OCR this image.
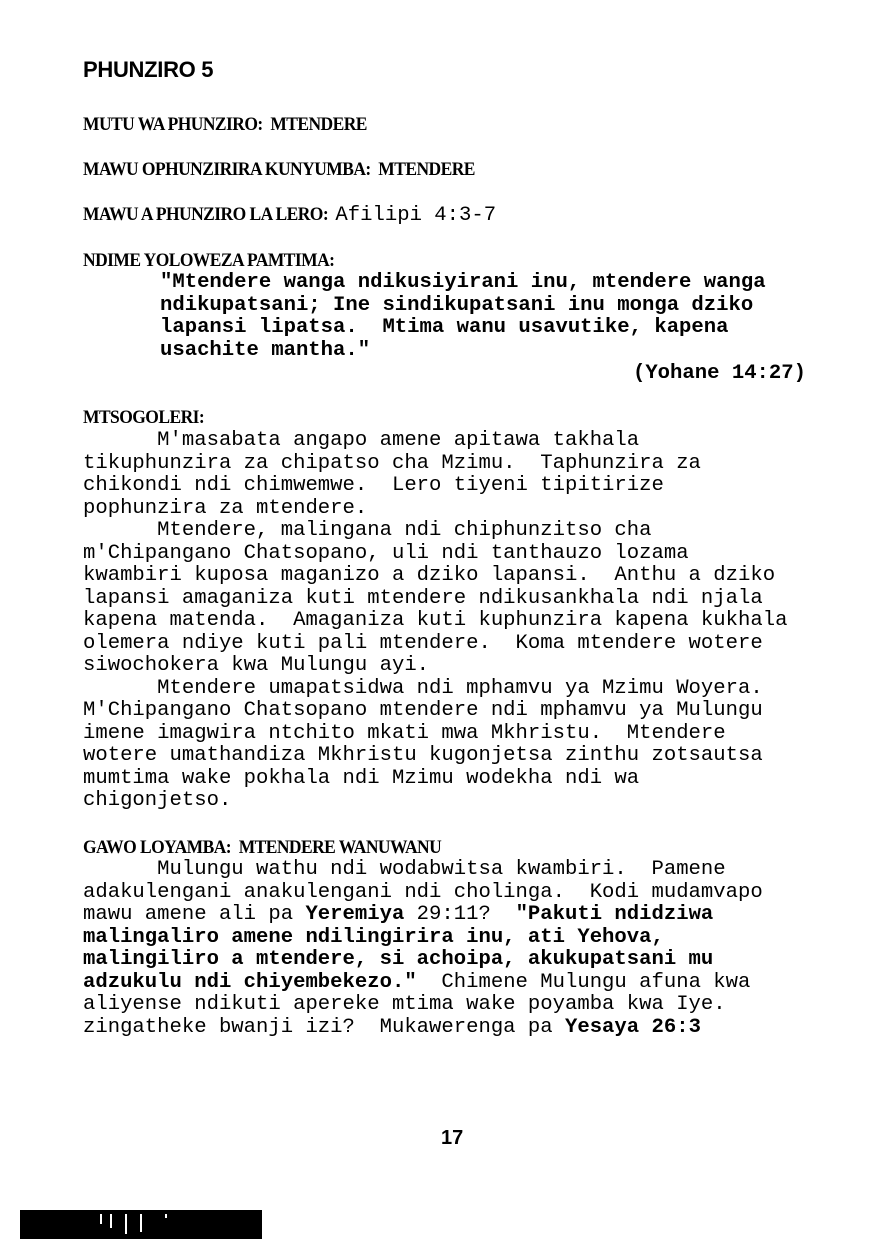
PHUNZIRO 5
MUTU WA PHUNZIRO: MTENDERE
MAWU OPHUNZIRIRA KUNYUMBA: MTENDERE
MAWU A PHUNZIRO LA LERO: Afilipi 4:3-7
NDIME YOLOWEZA PAMTIMA:
"Mtendere wanga ndikusiyirani inu, mtendere wanga
ndikupatsani; Ine sindikupatsani inu monga dziko
lapansi lipatsa.  Mtima wanu usavutike, kapena
usachite mantha."
(Yohane 14:27)
MTSOGOLERI:
M'masabata angapo amene apitawa takhala
tikuphunzira za chipatso cha Mzimu.  Taphunzira za
chikondi ndi chimwemwe.  Lero tiyeni tipitirize
pophunzira za mtendere.
Mtendere, malingana ndi chiphunzitso cha
m'Chipangano Chatsopano, uli ndi tanthauzo lozama
kwambiri kuposa maganizo a dziko lapansi.  Anthu a dziko
lapansi amaganiza kuti mtendere ndikusankhala ndi njala
kapena matenda.  Amaganiza kuti kuphunzira kapena kukhala
olemera ndiye kuti pali mtendere.  Koma mtendere wotere
siwochokera kwa Mulungu ayi.
Mtendere umapatsidwa ndi mphamvu ya Mzimu Woyera.
M'Chipangano Chatsopano mtendere ndi mphamvu ya Mulungu
imene imagwira ntchito mkati mwa Mkhristu.  Mtendere
wotere umathandiza Mkhristu kugonjetsa zinthu zotsautsa
mumtima wake pokhala ndi Mzimu wodekha ndi wa
chigonjetso.
GAWO LOYAMBA:  MTENDERE WANUWANU
Mulungu wathu ndi wodabwitsa kwambiri.  Pamene
adakulengani anakulengani ndi cholinga.  Kodi mudamvapo
mawu amene ali pa Yeremiya 29:11?  "Pakuti ndidziwa
malingaliro amene ndilingirira inu, ati Yehova,
malingiliro a mtendere, si achoipa, akukupatsani mu
adzukulu ndi chiyembekezo."  Chimene Mulungu afuna kwa
aliyense ndikuti apereke mtima wake poyamba kwa Iye.
zingatheke bwanji izi?  Mukawerenga pa Yesaya 26:3
17
